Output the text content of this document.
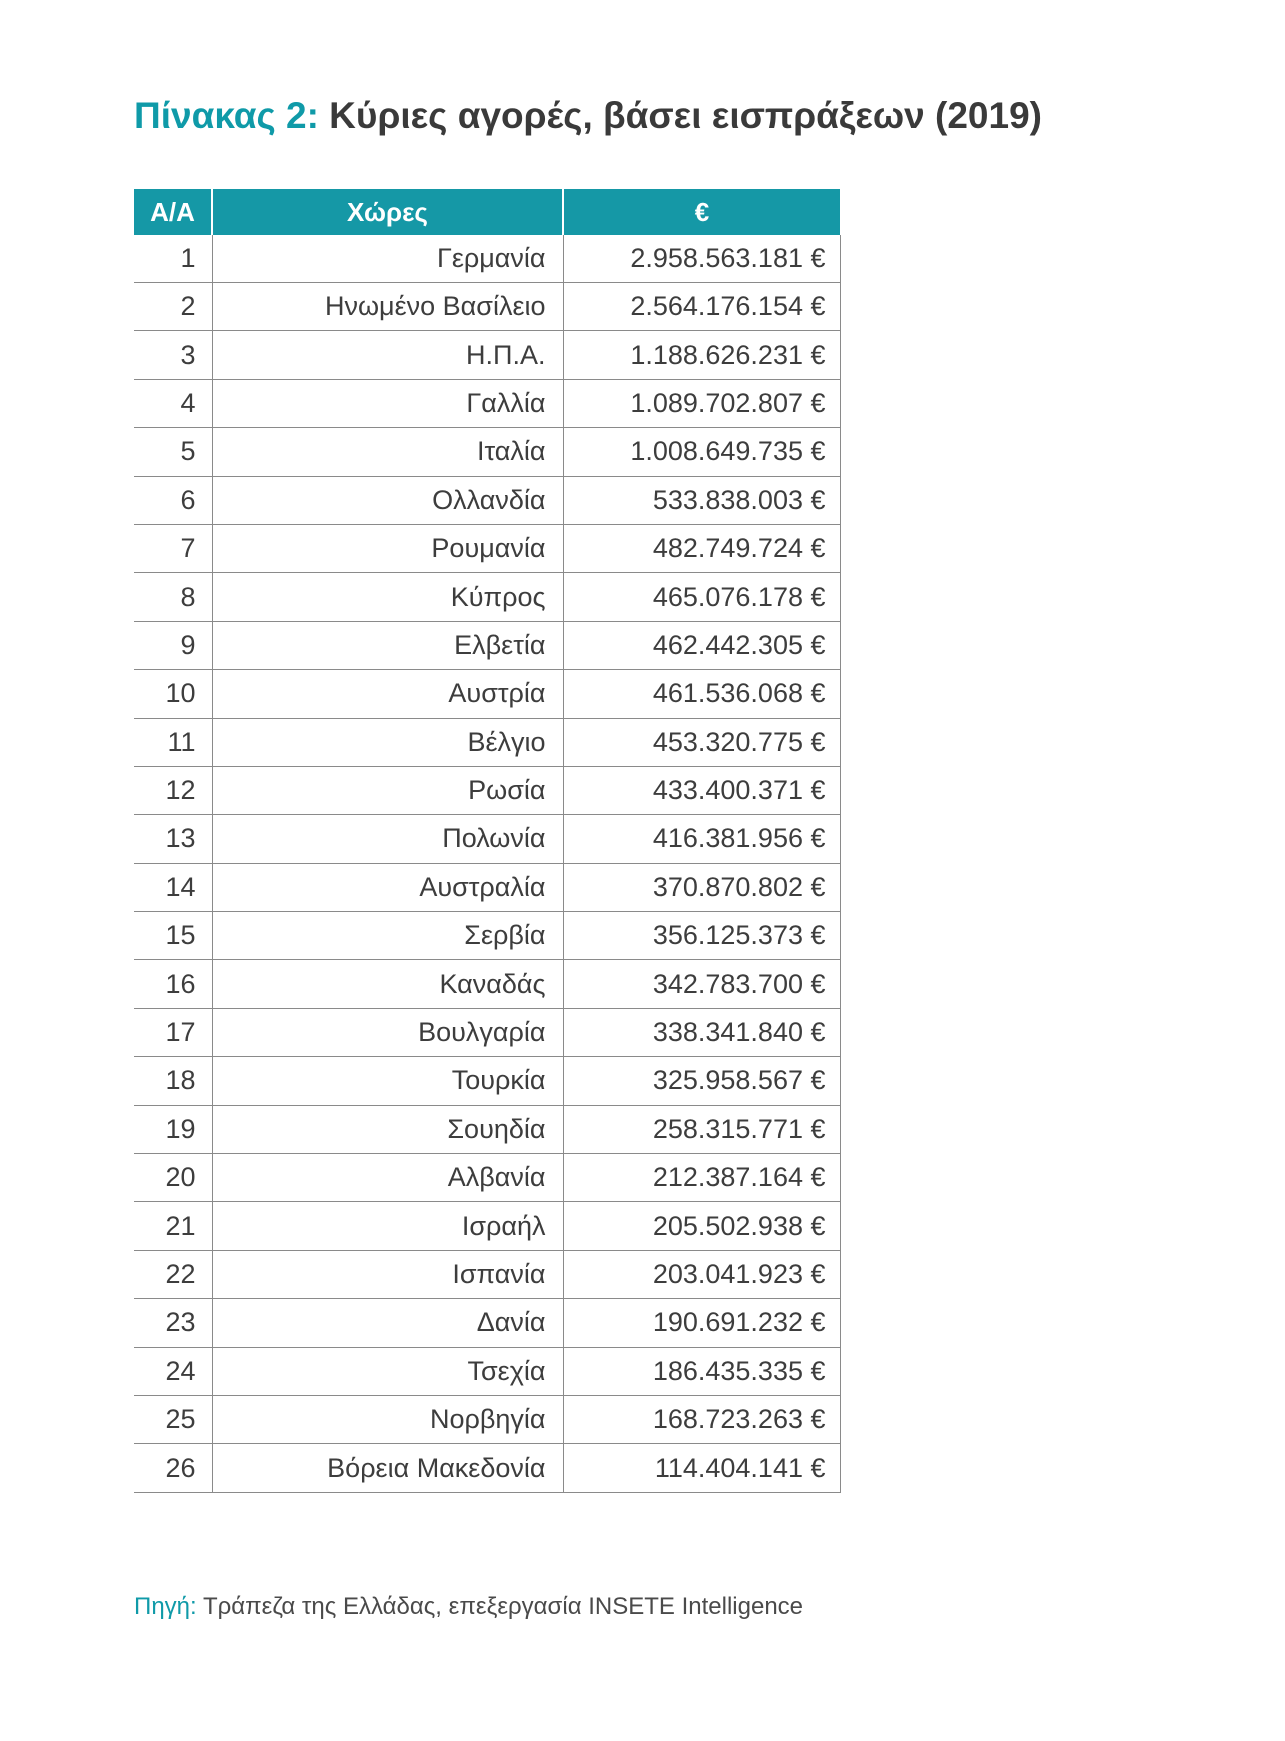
Πίνακας 2: Κύριες αγορές, βάσει εισπράξεων (2019)
Α/Α	Χώρες	€
1	Γερμανία	2.958.563.181 €
2	Ηνωμένο Βασίλειο	2.564.176.154 €
3	Η.Π.Α.	1.188.626.231 €
4	Γαλλία	1.089.702.807 €
5	Ιταλία	1.008.649.735 €
6	Ολλανδία	533.838.003 €
7	Ρουμανία	482.749.724 €
8	Κύπρος	465.076.178 €
9	Ελβετία	462.442.305 €
10	Αυστρία	461.536.068 €
11	Βέλγιο	453.320.775 €
12	Ρωσία	433.400.371 €
13	Πολωνία	416.381.956 €
14	Αυστραλία	370.870.802 €
15	Σερβία	356.125.373 €
16	Καναδάς	342.783.700 €
17	Βουλγαρία	338.341.840 €
18	Τουρκία	325.958.567 €
19	Σουηδία	258.315.771 €
20	Αλβανία	212.387.164 €
21	Ισραήλ	205.502.938 €
22	Ισπανία	203.041.923 €
23	Δανία	190.691.232 €
24	Τσεχία	186.435.335 €
25	Νορβηγία	168.723.263 €
26	Βόρεια Μακεδονία	114.404.141 €
Πηγή: Τράπεζα της Ελλάδας, επεξεργασία INSETE Intelligence
